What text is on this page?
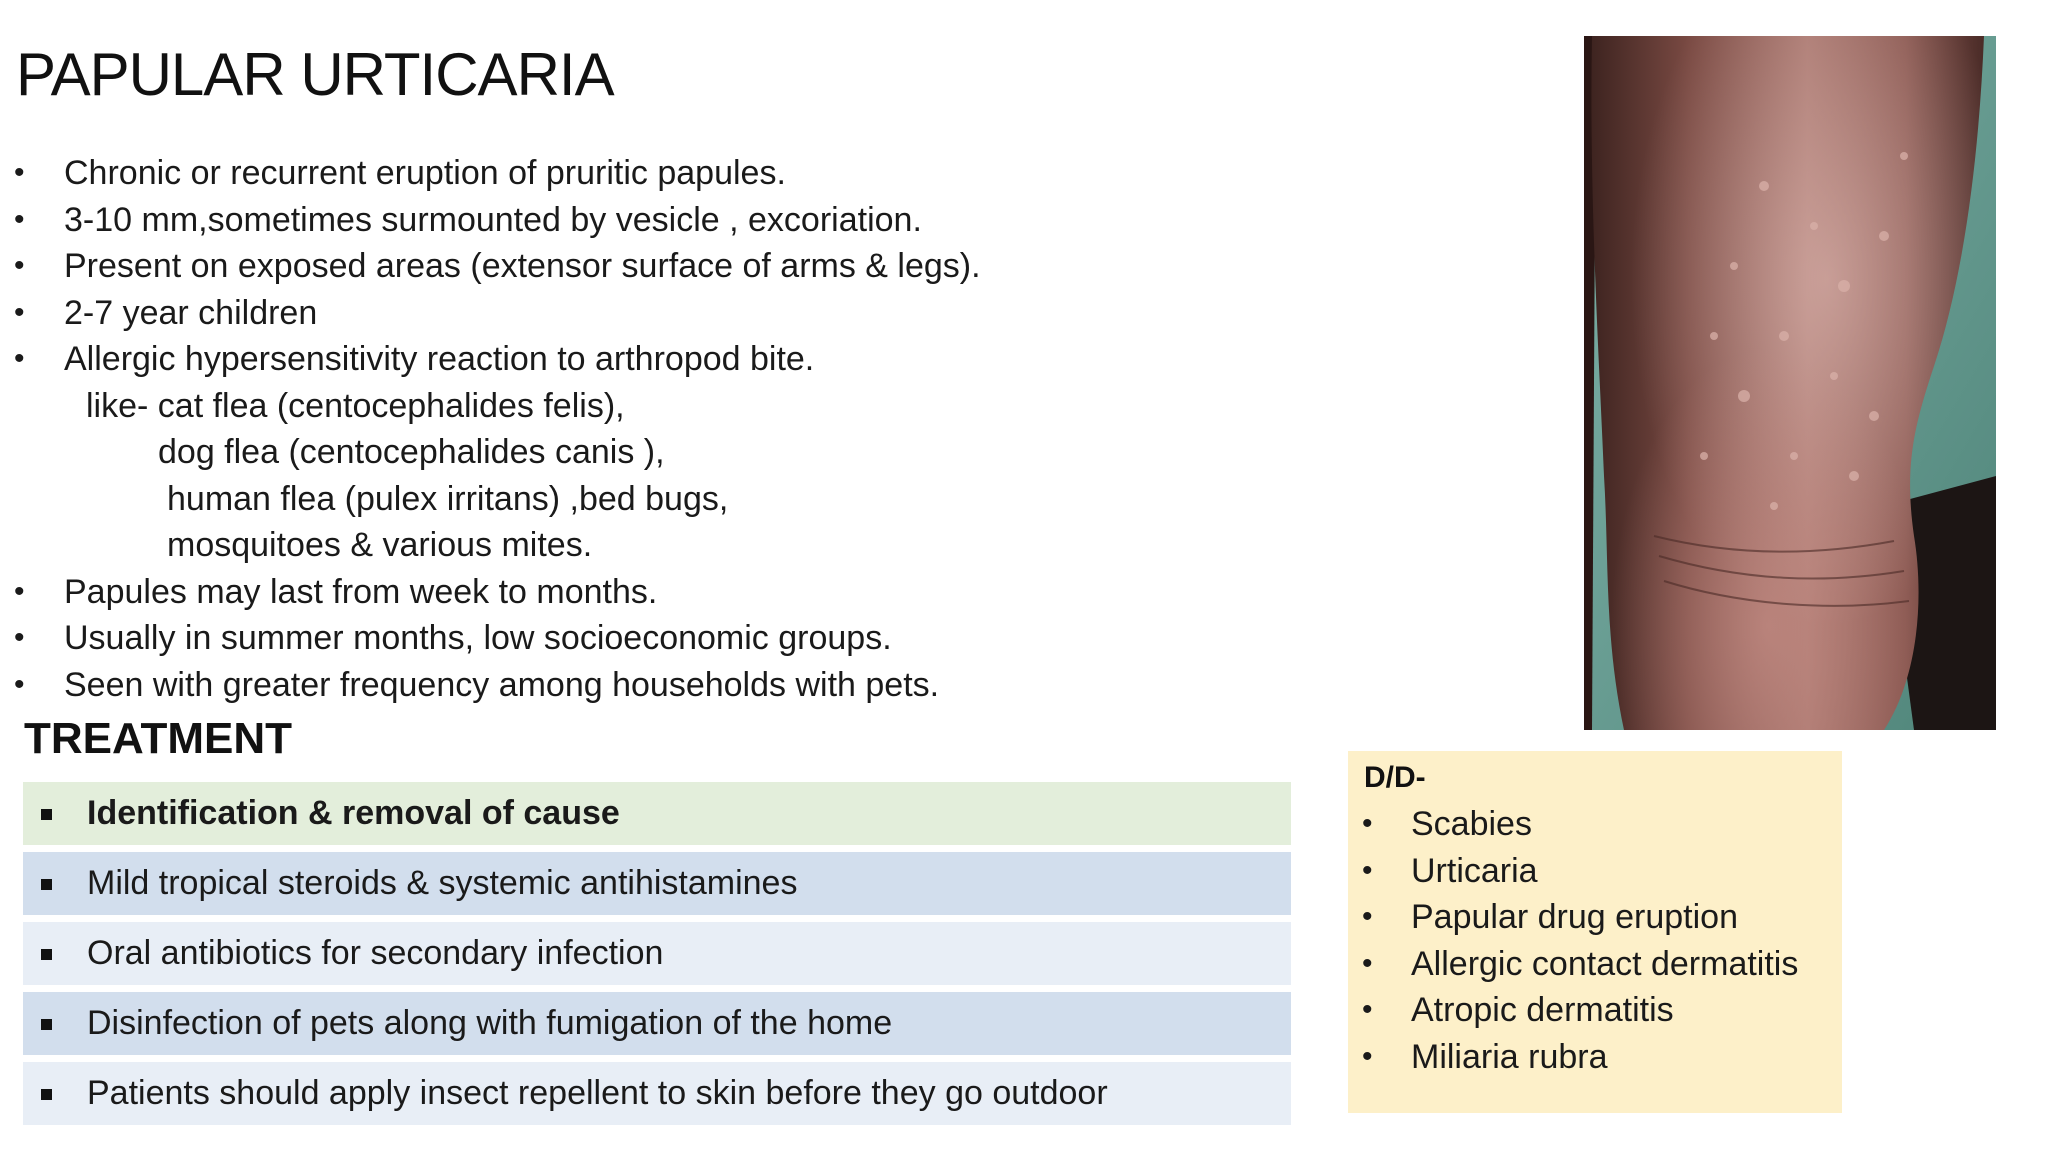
PAPULAR URTICARIA
• Chronic or recurrent eruption of pruritic papules.
• 3-10 mm,sometimes surmounted by vesicle , excoriation.
• Present on exposed areas (extensor surface of arms & legs).
• 2-7 year children
• Allergic hypersensitivity reaction to arthropod bite.
like- cat flea (centocephalides felis),
dog flea (centocephalides canis ),
human flea (pulex irritans) ,bed bugs,
mosquitoes & various mites.
• Papules may last from week to months.
• Usually in summer months, low socioeconomic groups.
• Seen with greater frequency among households with pets.
TREATMENT
Identification & removal of cause
Mild tropical steroids & systemic antihistamines
Oral antibiotics for secondary infection
Disinfection of pets along with fumigation of the home
Patients should apply insect repellent to skin before they go outdoor
D/D-
• Scabies
• Urticaria
• Papular drug eruption
• Allergic contact dermatitis
• Atropic dermatitis
• Miliaria rubra
